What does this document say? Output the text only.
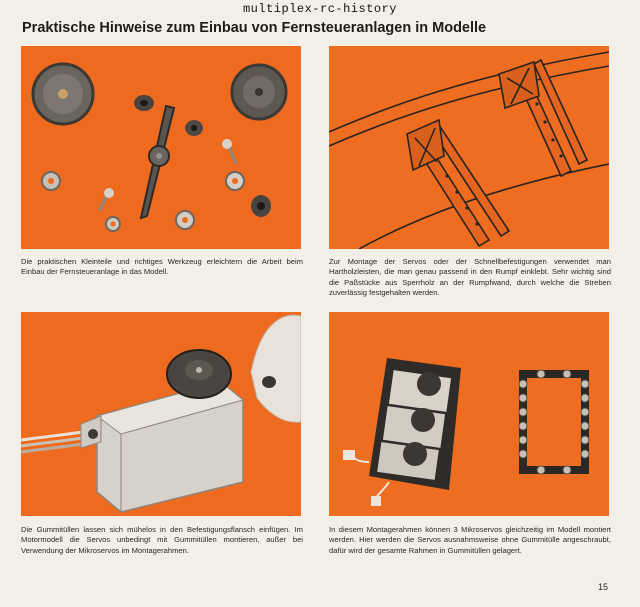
multiplex-rc-history
Praktische Hinweise zum Einbau von Fernsteueranlagen in Modelle
Die praktischen Kleinteile und richtiges Werkzeug erleichtern die Arbeit beim Einbau der Fernsteueranlage in das Modell.
Zur Montage der Servos oder der Schnellbefestigungen verwendet man Hartholzleisten, die man genau passend in den Rumpf einklebt. Sehr wichtig sind die Paßstücke aus Sperrholz an der Rumpfwand, durch welche die Streben zuverlässig festgehalten werden.
Die Gummitüllen lassen sich mühelos in den Befestigungsflansch einfügen. Im Motormodell die Servos unbedingt mit Gummitüllen montieren, außer bei Verwendung der Mikroservos im Montagerahmen.
In diesem Montagerahmen können 3 Mikroservos gleichzeitig im Modell montiert werden. Hier werden die Servos ausnahmsweise ohne Gummitülle angeschraubt, dafür wird der gesamte Rahmen in Gummitüllen gelagert.
15
